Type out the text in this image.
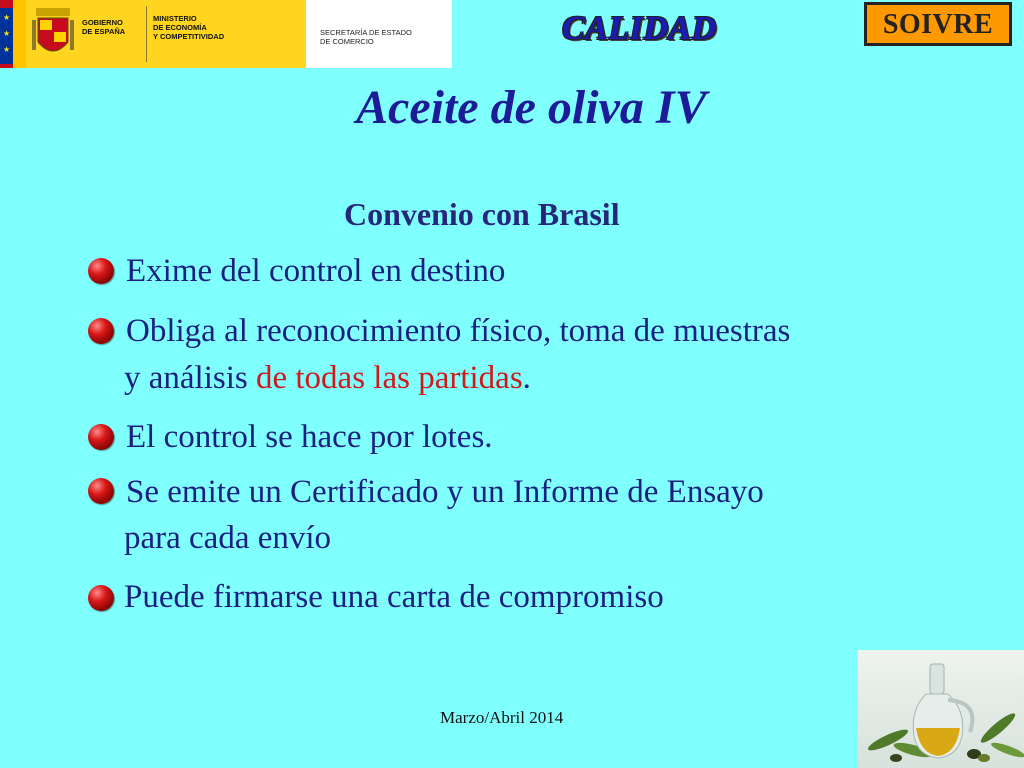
★
★
★
GOBIERNO
DE ESPAÑA
MINISTERIO
DE ECONOMÍA
Y COMPETITIVIDAD	SECRETARÍA DE ESTADO
DE COMERCIO	CALIDAD	SOIVRE
Aceite de oliva IV
Convenio con Brasil
Exime del control en destino
Obliga al reconocimiento físico, toma de muestras
y análisis de todas las partidas.
El control se hace por lotes.
Se emite un Certificado y un Informe de Ensayo
para cada envío
Puede firmarse una carta de compromiso
Marzo/Abril 2014
